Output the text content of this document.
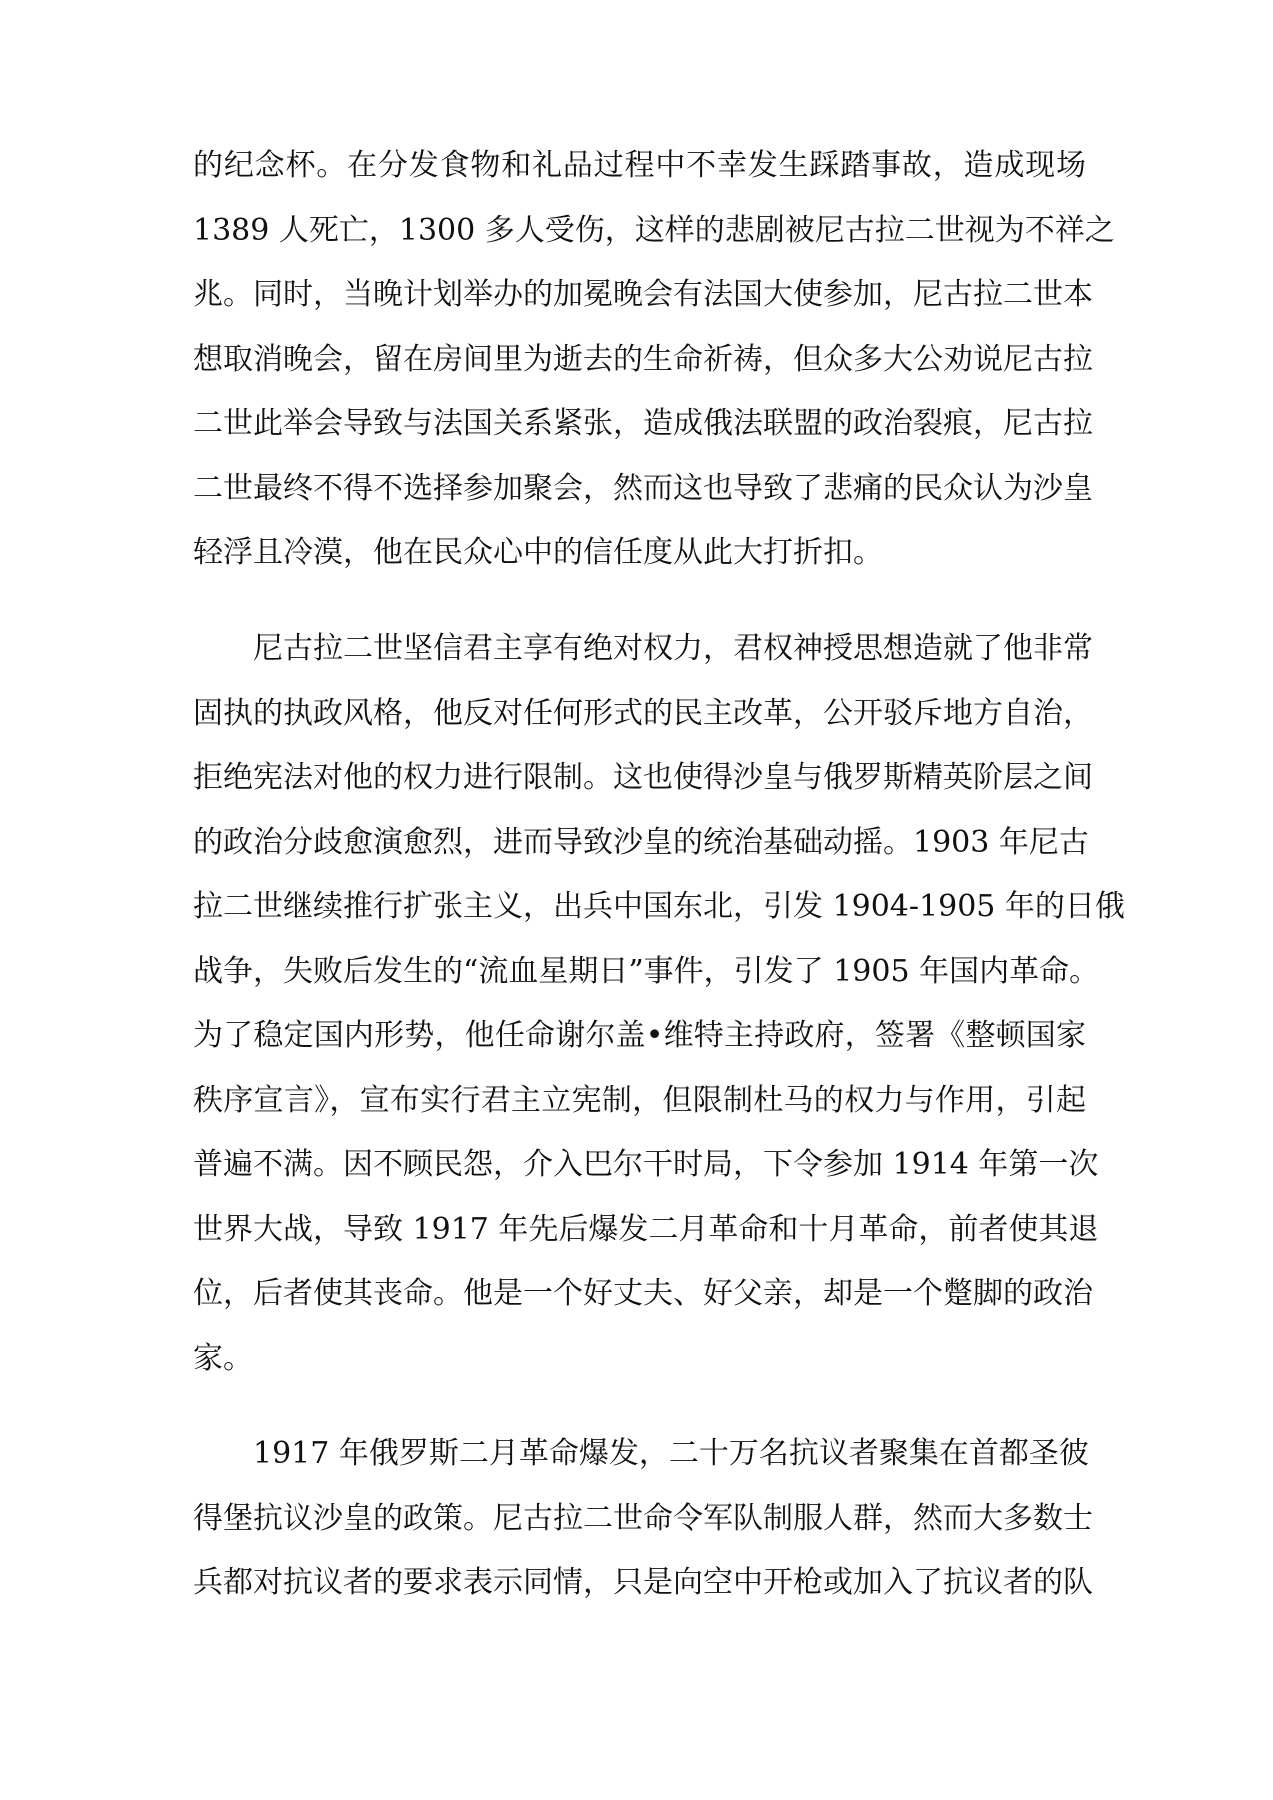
的纪念杯。在分发食物和礼品过程中不幸发生踩踏事故，造成现场
1389 人死亡，1300 多人受伤，这样的悲剧被尼古拉二世视为不祥之
兆。同时，当晚计划举办的加冕晚会有法国大使参加，尼古拉二世本
想取消晚会，留在房间里为逝去的生命祈祷，但众多大公劝说尼古拉
二世此举会导致与法国关系紧张，造成俄法联盟的政治裂痕，尼古拉
二世最终不得不选择参加聚会，然而这也导致了悲痛的民众认为沙皇
轻浮且冷漠，他在民众心中的信任度从此大打折扣。
尼古拉二世坚信君主享有绝对权力，君权神授思想造就了他非常
固执的执政风格，他反对任何形式的民主改革，公开驳斥地方自治，
拒绝宪法对他的权力进行限制。这也使得沙皇与俄罗斯精英阶层之间
的政治分歧愈演愈烈，进而导致沙皇的统治基础动摇。1903 年尼古
拉二世继续推行扩张主义，出兵中国东北，引发 1904-1905 年的日俄
战争，失败后发生的“流血星期日”事件，引发了 1905 年国内革命。
为了稳定国内形势，他任命谢尔盖•维特主持政府，签署《整顿国家
秩序宣言》，宣布实行君主立宪制，但限制杜马的权力与作用，引起
普遍不满。因不顾民怨，介入巴尔干时局，下令参加 1914 年第一次
世界大战，导致 1917 年先后爆发二月革命和十月革命，前者使其退
位，后者使其丧命。他是一个好丈夫、好父亲，却是一个蹩脚的政治
家。
1917 年俄罗斯二月革命爆发，二十万名抗议者聚集在首都圣彼
得堡抗议沙皇的政策。尼古拉二世命令军队制服人群，然而大多数士
兵都对抗议者的要求表示同情，只是向空中开枪或加入了抗议者的队
